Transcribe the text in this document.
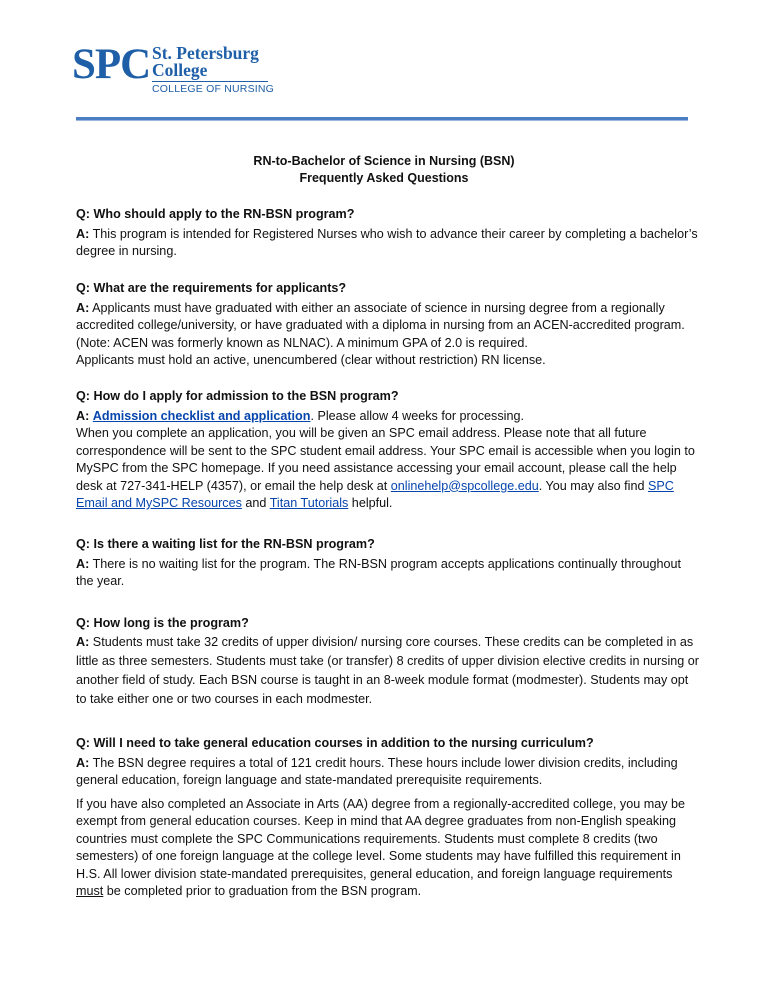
SPC St. Petersburg
College
COLLEGE OF NURSING
RN-to-Bachelor of Science in Nursing (BSN)
Frequently Asked Questions

Q: Who should apply to the RN-BSN program?

A: This program is intended for Registered Nurses who wish to advance their career by completing a bachelor’s degree in nursing.

Q: What are the requirements for applicants?

A: Applicants must have graduated with either an associate of science in nursing degree from a regionally accredited college/university, or have graduated with a diploma in nursing from an ACEN-accredited program. (Note: ACEN was formerly known as NLNAC). A minimum GPA of 2.0 is required.

Applicants must hold an active, unencumbered (clear without restriction) RN license.

Q: How do I apply for admission to the BSN program?

A: Admission checklist and application. Please allow 4 weeks for processing.

When you complete an application, you will be given an SPC email address. Please note that all future correspondence will be sent to the SPC student email address. Your SPC email is accessible when you login to MySPC from the SPC homepage. If you need assistance accessing your email account, please call the help desk at 727-341-HELP (4357), or email the help desk at onlinehelp@spcollege.edu. You may also find SPC Email and MySPC Resources and Titan Tutorials helpful.

Q: Is there a waiting list for the RN-BSN program?

A: There is no waiting list for the program. The RN-BSN program accepts applications continually throughout the year.

Q: How long is the program?

A: Students must take 32 credits of upper division/ nursing core courses. These credits can be completed in as little as three semesters. Students must take (or transfer) 8 credits of upper division elective credits in nursing or another field of study. Each BSN course is taught in an 8-week module format (modmester). Students may opt to take either one or two courses in each modmester.

Q: Will I need to take general education courses in addition to the nursing curriculum?

A: The BSN degree requires a total of 121 credit hours. These hours include lower division credits, including general education, foreign language and state-mandated prerequisite requirements.

If you have also completed an Associate in Arts (AA) degree from a regionally-accredited college, you may be exempt from general education courses. Keep in mind that AA degree graduates from non-English speaking countries must complete the SPC Communications requirements. Students must complete 8 credits (two semesters) of one foreign language at the college level. Some students may have fulfilled this requirement in H.S. All lower division state-mandated prerequisites, general education, and foreign language requirements must be completed prior to graduation from the BSN program.
